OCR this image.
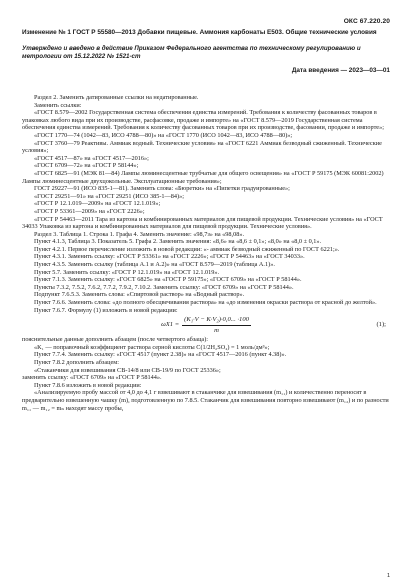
ОКС 67.220.20
Изменение № 1 ГОСТ Р 55580—2013 Добавки пищевые. Аммония карбонаты Е503. Общие технические условия
Утверждено и введено в действие Приказом Федерального агентства по техническому регулированию и метрологии от 15.12.2022 № 1521-ст
Дата введения — 2023—03—01

Раздел 2. Заменить датированные ссылки на недатированные.

Заменить ссылки:

«ГОСТ 8.579—2002 Государственная система обеспечения единства измерений. Требования к количеству фасованных товаров в упаковках любого вида при их производстве, расфасовке, продаже и импорте» на «ГОСТ 8.579—2019 Государственная система обеспечения единства измерений. Требования к количеству фасованных товаров при их производстве, фасовании, продаже и импорте»;

«ГОСТ 1770—74 (1042—83, ИСО 4788—80)» на «ГОСТ 1770 (ИСО 1042—83, ИСО 4788—80)»;

«ГОСТ 3760—79 Реактивы. Аммиак водный. Технические условия» на «ГОСТ 6221 Аммиак безводный сжиженный. Технические условия»;

«ГОСТ 4517—87» на «ГОСТ 4517—2016»;

«ГОСТ 6709—72» на «ГОСТ Р 58144»;

«ГОСТ 6825—91 (МЭК 81—84) Лампы люминесцентные трубчатые для общего освещения» на «ГОСТ Р 59175 (МЭК 60081:2002) Лампы люминесцентные двухцокольные. Эксплуатационные требования»;

ГОСТ 29227—91 (ИСО 835-1—81). Заменить слова: «Бюретки» на «Пипетки градуированные»;

«ГОСТ 29251—91» на «ГОСТ 29251 (ИСО 385-1—84)»;

«ГОСТ Р 12.1.019—2009» на «ГОСТ 12.1.019»;

«ГОСТ Р 53361—2009» на «ГОСТ 2226»;

«ГОСТ Р 54463—2011 Тара из картона и комбинированных материалов для пищевой продукции. Технические условия» на «ГОСТ 34033 Упаковка из картона и комбинированных материалов для пищевой продукции. Технические условия».

Раздел 3. Таблица 1. Строка 1. Графа 4. Заменить значение: «98,7з» на «98,08».

Пункт 4.1.3, Таблица 3. Показатель 5. Графа 2. Заменить значения: «8,6» на «8,6 ± 0,1»; «8,0» на «8,0 ± 0,1».

Пункт 4.2.1. Первое перечисление изложить в новой редакции: «- аммиак безводный сжиженный по ГОСТ 6221;».

Пункт 4.3.1. Заменить ссылку: «ГОСТ Р 53361» на «ГОСТ 2226»; «ГОСТ Р 54463» на «ГОСТ 34033».

Пункт 4.3.5. Заменить ссылку (таблица А.1 и А.2)» на «ГОСТ 8.579—2019 (таблица А.1)».

Пункт 5.7. Заменить ссылку: «ГОСТ Р 12.1.019» на «ГОСТ 12.1.019».

Пункт 7.1.3. Заменить ссылку: «ГОСТ 6825» на «ГОСТ Р 59175»; «ГОСТ 6709» на «ГОСТ Р 58144».

Пункты 7.3.2, 7.5.2, 7.6.2, 7.7.2, 7.9.2, 7.10.2. Заменить ссылку: «ГОСТ 6709» на «ГОСТ Р 58144».

Подпункт 7.6.5.3. Заменить слова: «Спиртовой раствор» на «Водный раствор».

Пункт 7.6.6. Заменить слова: «до полного обесцвечивания раствора» на «до изменения окраски раствора от красной до желтой».

Пункт 7.6.7. Формулу (1) изложить в новой редакции:

$\omega X1 = \frac{\text{(K₁·V − K·V₂)·0,0... ·100}}{m}$	(1);

пояснительные данные дополнить абзацем (после четвертого абзаца):

«K₁ — поправочный коэффициент раствора серной кислоты C(1/2H₂SO₄) = 1 моль/дм³»;

Пункт 7.7.4. Заменить ссылку: «ГОСТ 4517 (пункт 2.38)» на «ГОСТ 4517—2016 (пункт 4.38)».

Пункт 7.8.2 дополнить абзацем:

«Стаканчики для взвешивания СВ-14/8 или СВ-19/9 по ГОСТ 25336»;

заменить ссылку: «ГОСТ 6709» на «ГОСТ Р 58144».

Пункт 7.8.6 изложить в новой редакции:

«Анализируемую пробу массой от 4,0 до 4,1 г взвешивают в стаканчике для взвешивания (m₁₁) и количественно переносят в предварительно взвешенную чашку (m), подготовленную по 7.8.5. Стаканчик для взвешивания повторно взвешивают (m₁₂) и по разности m₁₁ — m₁₂ = mₙ находят массу пробы,

1
